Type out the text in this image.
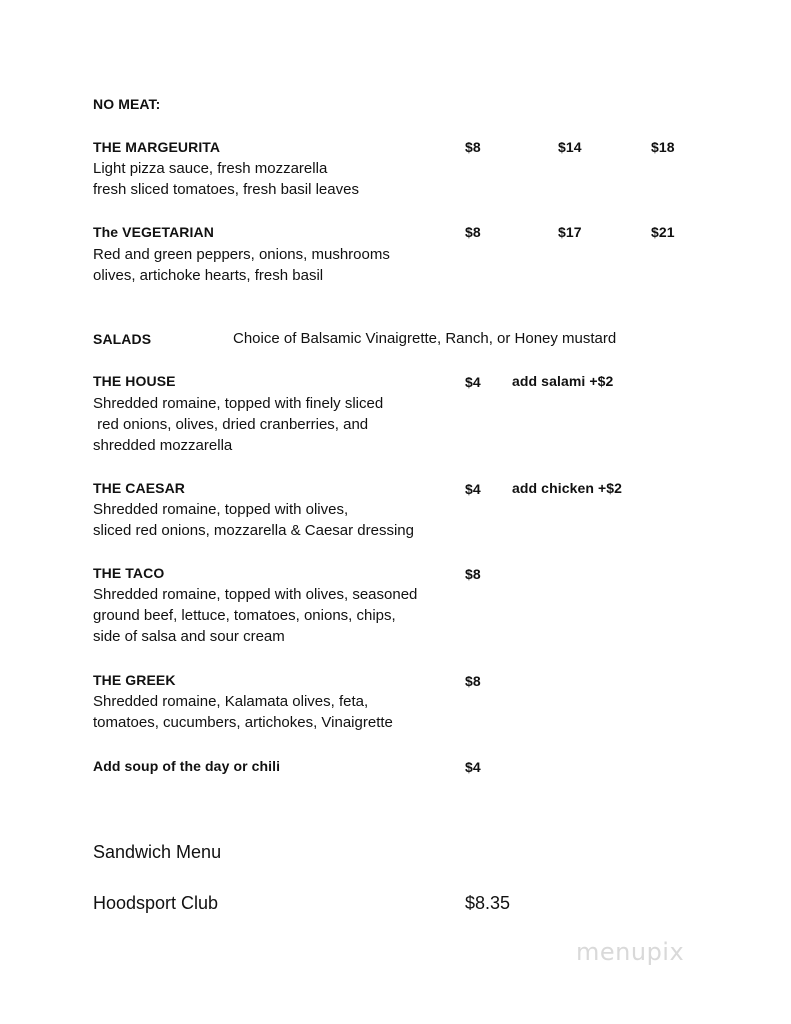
NO MEAT:
THE MARGEURITA	$8	$14	$18
Light pizza sauce, fresh mozzarella
fresh sliced tomatoes, fresh basil leaves
The VEGETARIAN	$8	$17	$21
Red and green peppers, onions, mushrooms
olives, artichoke hearts, fresh basil
SALADS	Choice of Balsamic Vinaigrette, Ranch, or Honey mustard
THE HOUSE	$4 add salami +$2
Shredded romaine, topped with finely sliced
red onions, olives, dried cranberries, and
shredded mozzarella
THE CAESAR	$4 add chicken +$2
Shredded romaine, topped with olives,
sliced red onions, mozzarella & Caesar dressing
THE TACO	$8
Shredded romaine, topped with olives, seasoned
ground beef, lettuce, tomatoes, onions, chips,
side of salsa and sour cream
THE GREEK	$8
Shredded romaine, Kalamata olives, feta,
tomatoes, cucumbers, artichokes, Vinaigrette
Add soup of the day or chili	$4
Sandwich Menu
Hoodsport Club	$8.35
menupix
